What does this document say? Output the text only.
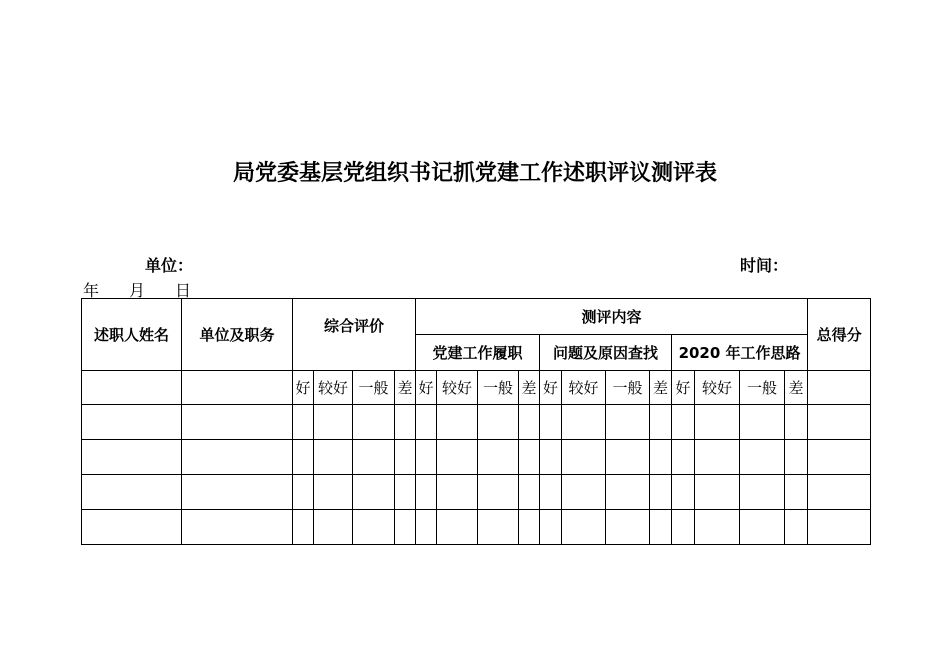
局党委基层党组织书记抓党建工作述职评议测评表
单位：	时间：
年 月 日
述职人姓名	单位及职务	综合评价				测评内容												总得分
						党建工作履职				问题及原因查找				2020 年工作思路				
		好	较好	一般	差	好	较好	一般	差	好	较好	一般	差	好	较好	一般	差	
